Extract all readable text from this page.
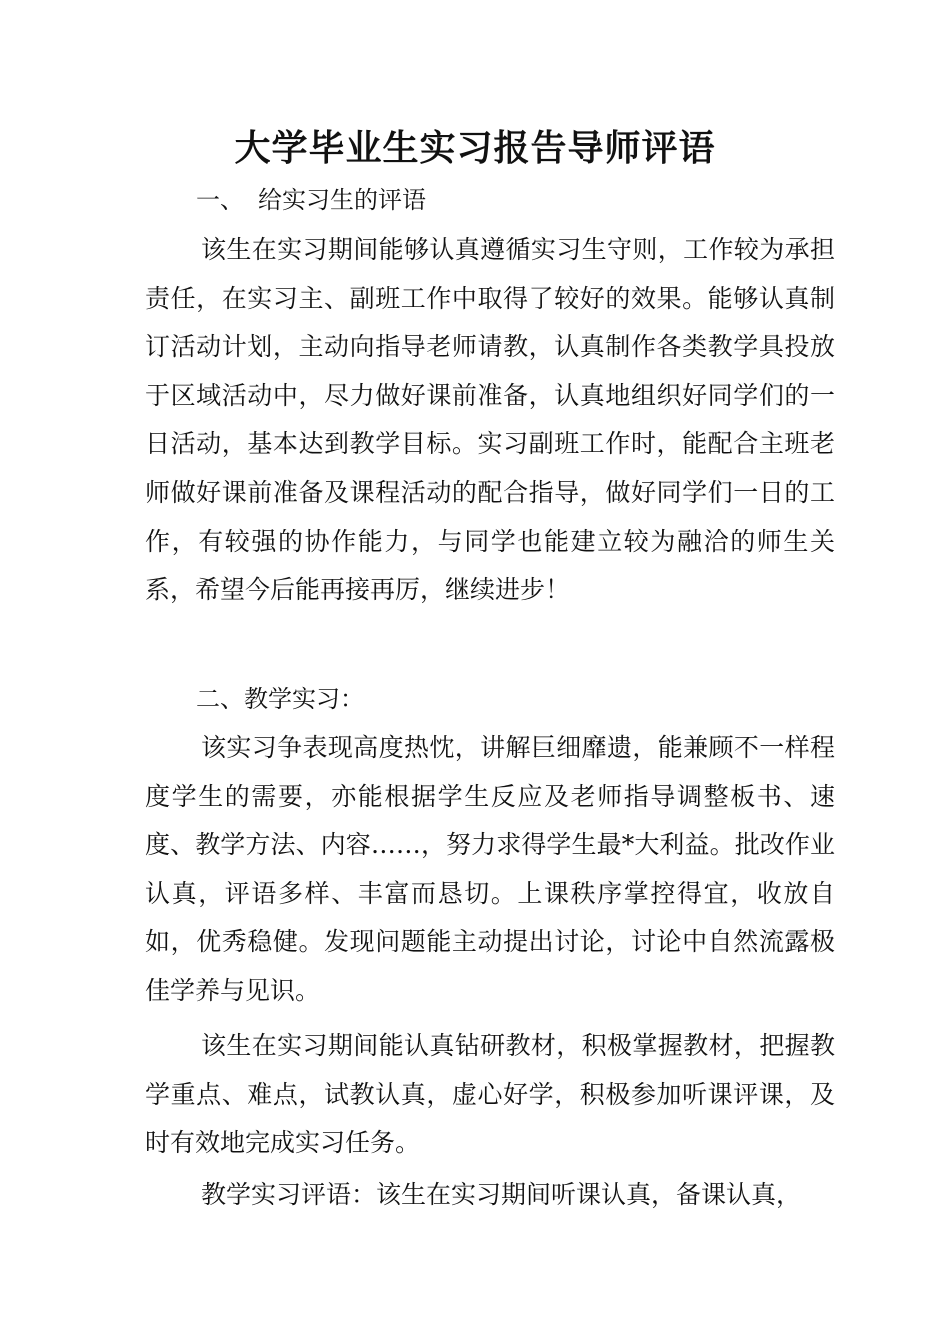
大学毕业生实习报告导师评语

一、 给实习生的评语

该生在实习期间能够认真遵循实习生守则，工作较为承担责任，在实习主、副班工作中取得了较好的效果。能够认真制订活动计划，主动向指导老师请教，认真制作各类教学具投放于区域活动中，尽力做好课前准备，认真地组织好同学们的一日活动，基本达到教学目标。实习副班工作时，能配合主班老师做好课前准备及课程活动的配合指导，做好同学们一日的工作，有较强的协作能力，与同学也能建立较为融洽的师生关系，希望今后能再接再厉，继续进步！

二、教学实习：

该实习争表现高度热忱，讲解巨细靡遗，能兼顾不一样程度学生的需要，亦能根据学生反应及老师指导调整板书、速度、教学方法、内容……，努力求得学生最*大利益。批改作业认真，评语多样、丰富而恳切。上课秩序掌控得宜，收放自如，优秀稳健。发现问题能主动提出讨论，讨论中自然流露极佳学养与见识。

该生在实习期间能认真钻研教材，积极掌握教材，把握教学重点、难点，试教认真，虚心好学，积极参加听课评课，及时有效地完成实习任务。

教学实习评语：该生在实习期间听课认真，备课认真，
